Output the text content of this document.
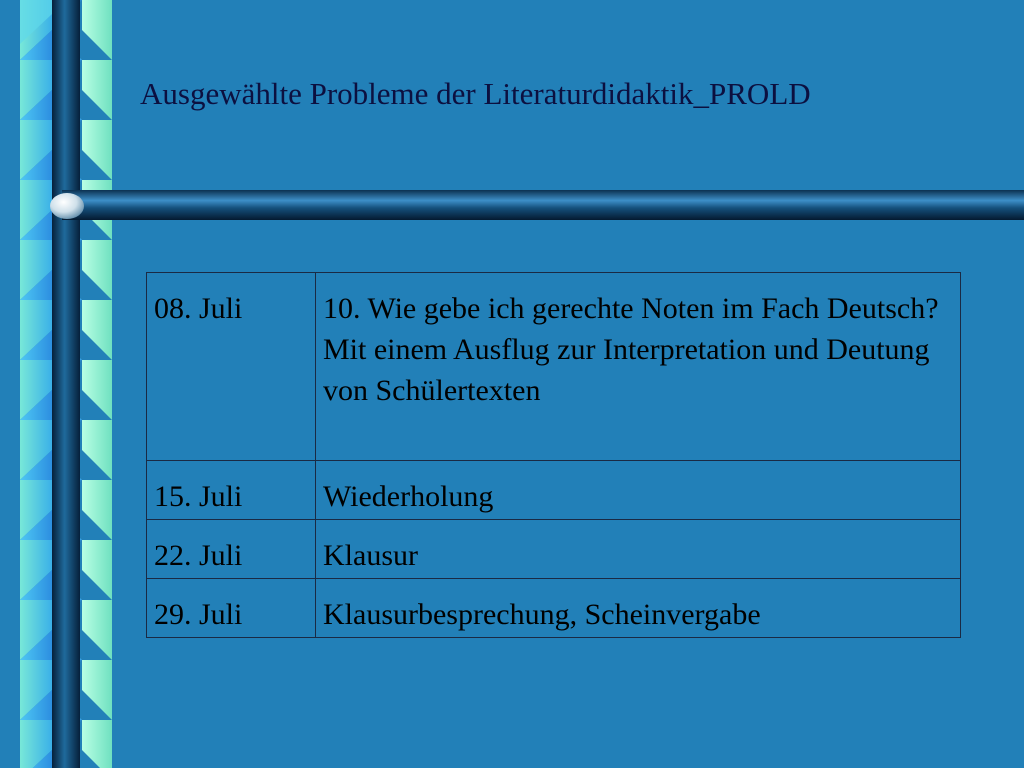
Ausgewählte Probleme der Literaturdidaktik_PROLD
08. Juli	10. Wie gebe ich gerechte Noten im Fach Deutsch? Mit einem Ausflug zur Interpretation und Deutung von Schülertexten
15. Juli	Wiederholung
22. Juli	Klausur
29. Juli	Klausurbesprechung, Scheinvergabe
